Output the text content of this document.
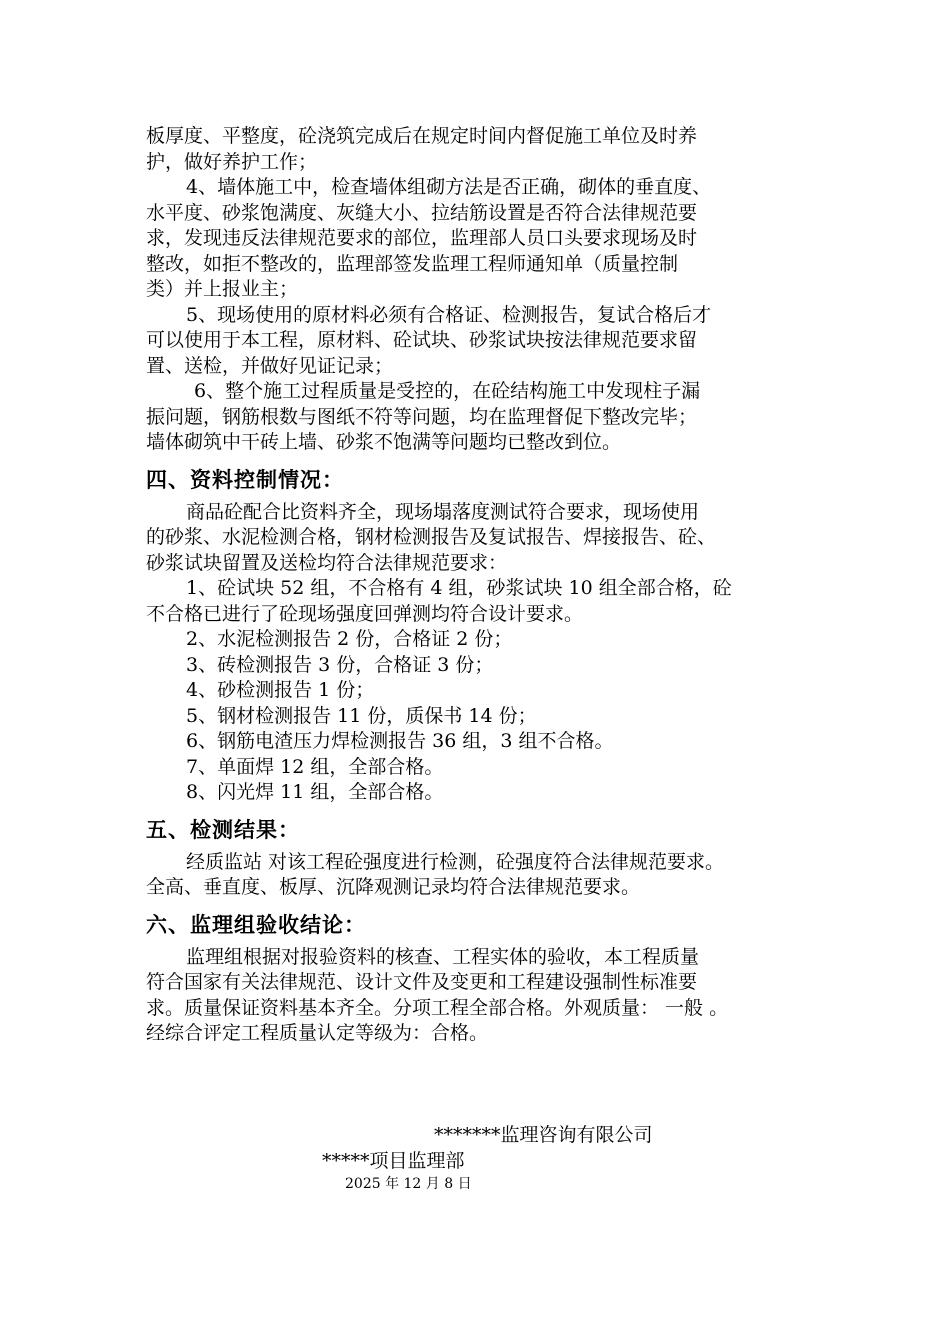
板厚度、平整度，砼浇筑完成后在规定时间内督促施工单位及时养

护，做好养护工作；

4、墙体施工中，检查墙体组砌方法是否正确，砌体的垂直度、

水平度、砂浆饱满度、灰缝大小、拉结筋设置是否符合法律规范要

求，发现违反法律规范要求的部位，监理部人员口头要求现场及时

整改，如拒不整改的，监理部签发监理工程师通知单（质量控制

类）并上报业主；

5、现场使用的原材料必须有合格证、检测报告，复试合格后才

可以使用于本工程，原材料、砼试块、砂浆试块按法律规范要求留

置、送检，并做好见证记录；

6、整个施工过程质量是受控的，在砼结构施工中发现柱子漏

振问题，钢筋根数与图纸不符等问题，均在监理督促下整改完毕；

墙体砌筑中干砖上墙、砂浆不饱满等问题均已整改到位。

四、资料控制情况：

商品砼配合比资料齐全，现场塌落度测试符合要求，现场使用

的砂浆、水泥检测合格，钢材检测报告及复试报告、焊接报告、砼、

砂浆试块留置及送检均符合法律规范要求：

1、砼试块 52 组，不合格有 4 组，砂浆试块 10 组全部合格，砼

不合格已进行了砼现场强度回弹测均符合设计要求。

2、水泥检测报告 2 份，合格证 2 份；

3、砖检测报告 3 份，合格证 3 份；

4、砂检测报告 1 份；

5、钢材检测报告 11 份，质保书 14 份；

6、钢筋电渣压力焊检测报告 36 组，3 组不合格。

7、单面焊 12 组，全部合格。

8、闪光焊 11 组，全部合格。

五、检测结果：

经质监站 对该工程砼强度进行检测，砼强度符合法律规范要求。

全高、垂直度、板厚、沉降观测记录均符合法律规范要求。

六、监理组验收结论：

监理组根据对报验资料的核查、工程实体的验收，本工程质量

符合国家有关法律规范、设计文件及变更和工程建设强制性标准要

求。质量保证资料基本齐全。分项工程全部合格。外观质量： 一般 。

经综合评定工程质量认定等级为：合格。

*******监理咨询有限公司
*****项目监理部
2025 年 12 月 8 日
